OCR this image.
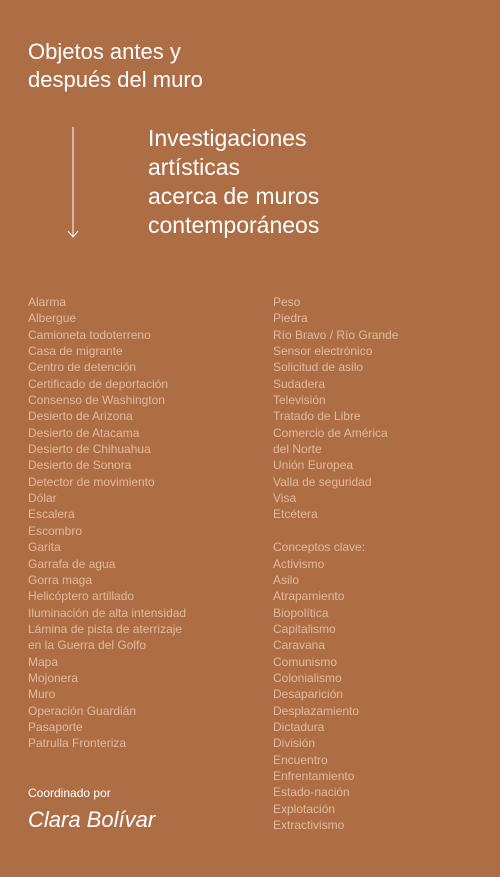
Objetos antes y
después del muro
Investigaciones
artísticas
acerca de muros
contemporáneos
Alarma
Albergue
Camioneta todoterreno
Casa de migrante
Centro de detención
Certificado de deportación
Consenso de Washington
Desierto de Arizona
Desierto de Atacama
Desierto de Chihuahua
Desierto de Sonora
Detector de movimiento
Dólar
Escalera
Escombro
Garita
Garrafa de agua
Gorra maga
Helicóptero artillado
Iluminación de alta intensidad
Lámina de pista de aterrizaje
en la Guerra del Golfo
Mapa
Mojonera
Muro
Operación Guardián
Pasaporte
Patrulla Fronteriza
Peso
Piedra
Río Bravo / Río Grande
Sensor electrónico
Solicitud de asilo
Sudadera
Televisión
Tratado de Libre
Comercio de América
del Norte
Unión Europea
Valla de seguridad
Visa
Etcétera
Conceptos clave:
Activismo
Asilo
Atrapamiento
Biopolítica
Capitalismo
Caravana
Comunismo
Colonialismo
Desaparición
Desplazamiento
Dictadura
División
Encuentro
Enfrentamiento
Estado-nación
Explotación
Extractivismo
Coordinado por
Clara Bolívar
